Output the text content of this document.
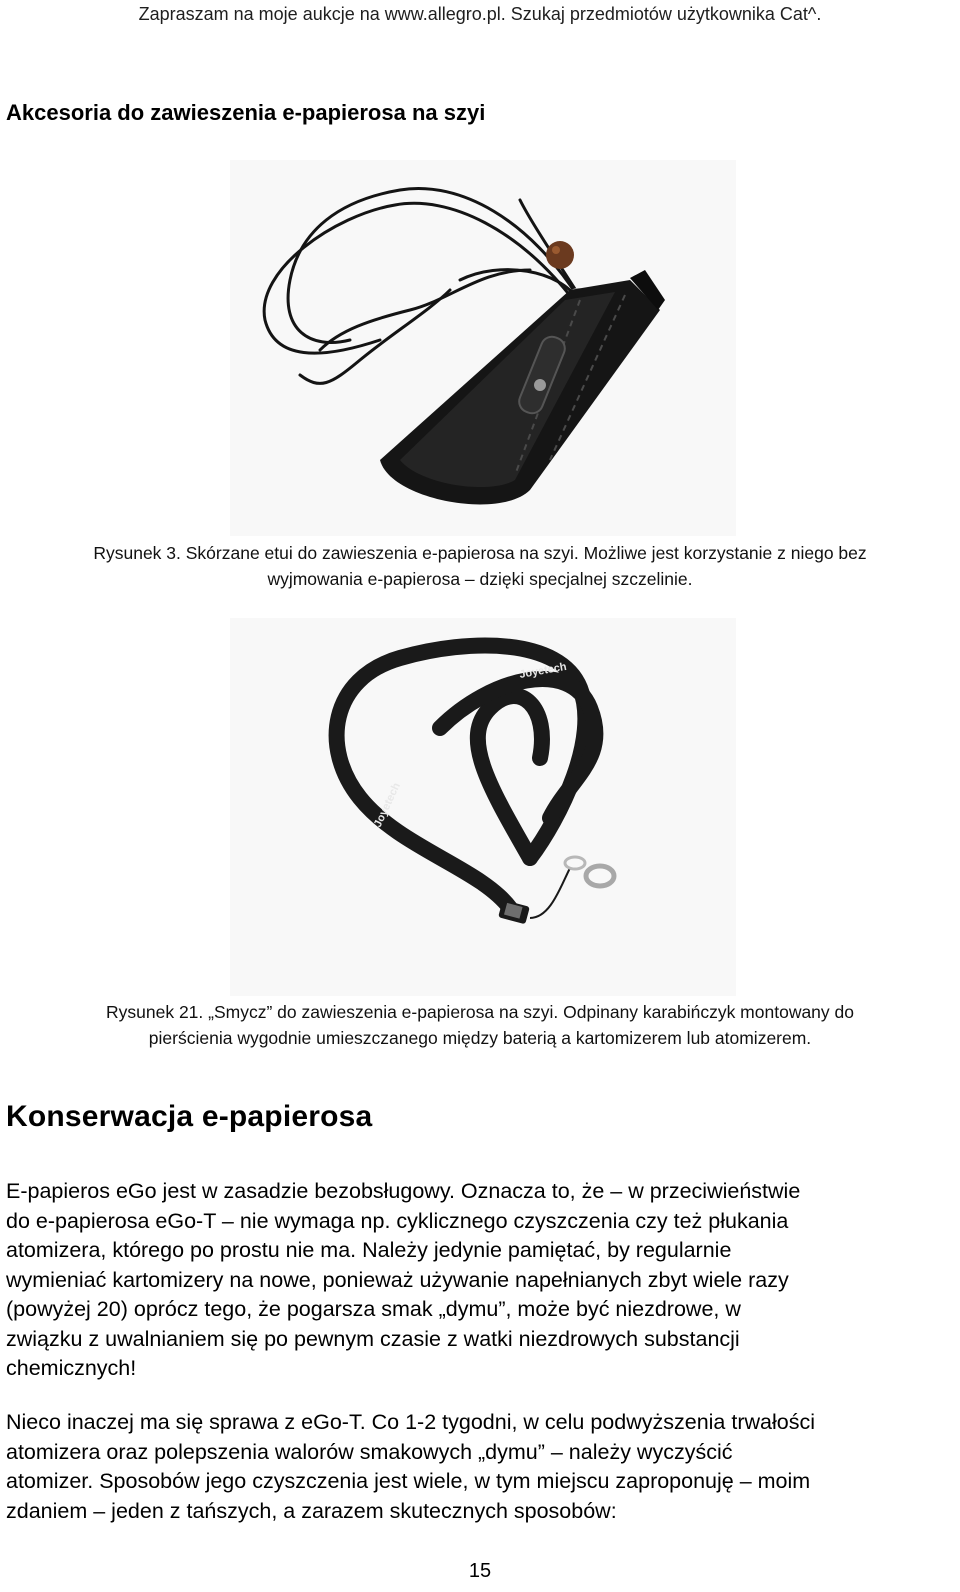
Zapraszam na moje aukcje na www.allegro.pl. Szukaj przedmiotów użytkownika Cat^.
Akcesoria do zawieszenia e-papierosa na szyi
Rysunek 3. Skórzane etui do zawieszenia e-papierosa na szyi. Możliwe jest korzystanie z niego bez
wyjmowania e-papierosa – dzięki specjalnej szczelinie.
Joyetech
Joyetech
Rysunek 21. „Smycz” do zawieszenia e-papierosa na szyi. Odpinany karabińczyk montowany do
pierścienia wygodnie umieszczanego między baterią a kartomizerem lub atomizerem.
Konserwacja e-papierosa
E-papieros eGo jest w zasadzie bezobsługowy. Oznacza to, że – w przeciwieństwie
do e-papierosa eGo-T – nie wymaga np. cyklicznego czyszczenia czy też płukania
atomizera, którego po prostu nie ma. Należy jedynie pamiętać, by regularnie
wymieniać kartomizery na nowe, ponieważ używanie napełnianych zbyt wiele razy
(powyżej 20) oprócz tego, że pogarsza smak „dymu”, może być niezdrowe, w
związku z uwalnianiem się po pewnym czasie z watki niezdrowych substancji
chemicznych!
Nieco inaczej ma się sprawa z eGo-T. Co 1-2 tygodni, w celu podwyższenia trwałości
atomizera oraz polepszenia walorów smakowych „dymu” – należy wyczyścić
atomizer. Sposobów jego czyszczenia jest wiele, w tym miejscu zaproponuję – moim
zdaniem – jeden z tańszych, a zarazem skutecznych sposobów:
15
